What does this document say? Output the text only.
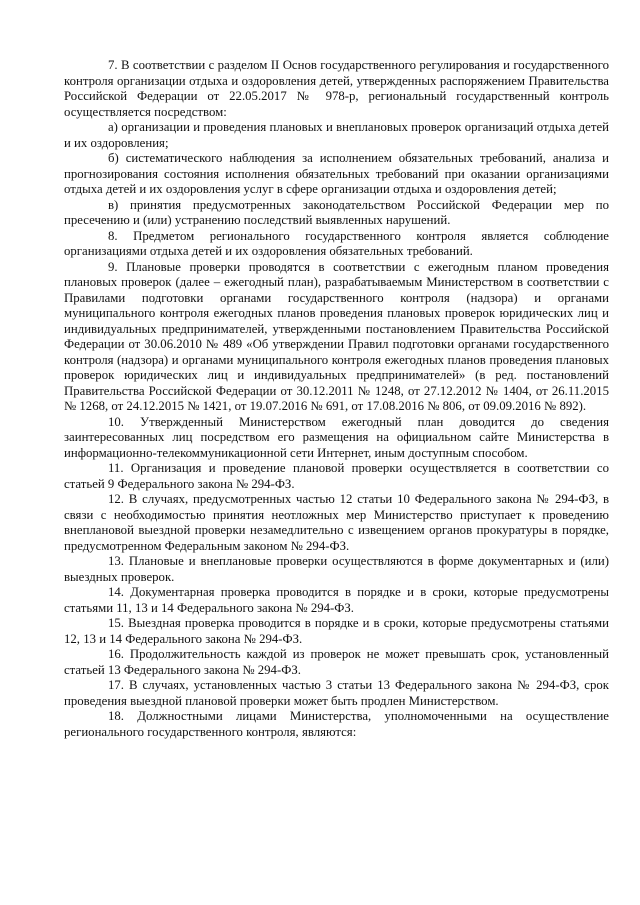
7. В соответствии с разделом II Основ государственного регулирования и государственного контроля организации отдыха и оздоровления детей, утвержденных распоряжением Правительства Российской Федерации от 22.05.2017 № 978-р, региональный государственный контроль осуществляется посредством:

а) организации и проведения плановых и внеплановых проверок организаций отдыха детей и их оздоровления;

б) систематического наблюдения за исполнением обязательных требований, анализа и прогнозирования состояния исполнения обязательных требований при оказании организациями отдыха детей и их оздоровления услуг в сфере организации отдыха и оздоровления детей;

в) принятия предусмотренных законодательством Российской Федерации мер по пресечению и (или) устранению последствий выявленных нарушений.

8. Предметом регионального государственного контроля является соблюдение организациями отдыха детей и их оздоровления обязательных требований.

9. Плановые проверки проводятся в соответствии с ежегодным планом проведения плановых проверок (далее – ежегодный план), разрабатываемым Министерством в соответствии с Правилами подготовки органами государственного контроля (надзора) и органами муниципального контроля ежегодных планов проведения плановых проверок юридических лиц и индивидуальных предпринимателей, утвержденными постановлением Правительства Российской Федерации от 30.06.2010 № 489 «Об утверждении Правил подготовки органами государственного контроля (надзора) и органами муниципального контроля ежегодных планов проведения плановых проверок юридических лиц и индивидуальных предпринимателей» (в ред. постановлений Правительства Российской Федерации от 30.12.2011 № 1248, от 27.12.2012 № 1404, от 26.11.2015 № 1268, от 24.12.2015 № 1421, от 19.07.2016 № 691, от 17.08.2016 № 806, от 09.09.2016 № 892).

10. Утвержденный Министерством ежегодный план доводится до сведения заинтересованных лиц посредством его размещения на официальном сайте Министерства в информационно-телекоммуникационной сети Интернет, иным доступным способом.

11. Организация и проведение плановой проверки осуществляется в соответствии со статьей 9 Федерального закона № 294-ФЗ.

12. В случаях, предусмотренных частью 12 статьи 10 Федерального закона № 294-ФЗ, в связи с необходимостью принятия неотложных мер Министерство приступает к проведению внеплановой выездной проверки незамедлительно с извещением органов прокуратуры в порядке, предусмотренном Федеральным законом № 294-ФЗ.

13. Плановые и внеплановые проверки осуществляются в форме документарных и (или) выездных проверок.

14. Документарная проверка проводится в порядке и в сроки, которые предусмотрены статьями 11, 13 и 14 Федерального закона № 294-ФЗ.

15. Выездная проверка проводится в порядке и в сроки, которые предусмотрены статьями 12, 13 и 14 Федерального закона № 294-ФЗ.

16. Продолжительность каждой из проверок не может превышать срок, установленный статьей 13 Федерального закона № 294-ФЗ.

17. В случаях, установленных частью 3 статьи 13 Федерального закона № 294-ФЗ, срок проведения выездной плановой проверки может быть продлен Министерством.

18. Должностными лицами Министерства, уполномоченными на осуществление регионального государственного контроля, являются:
